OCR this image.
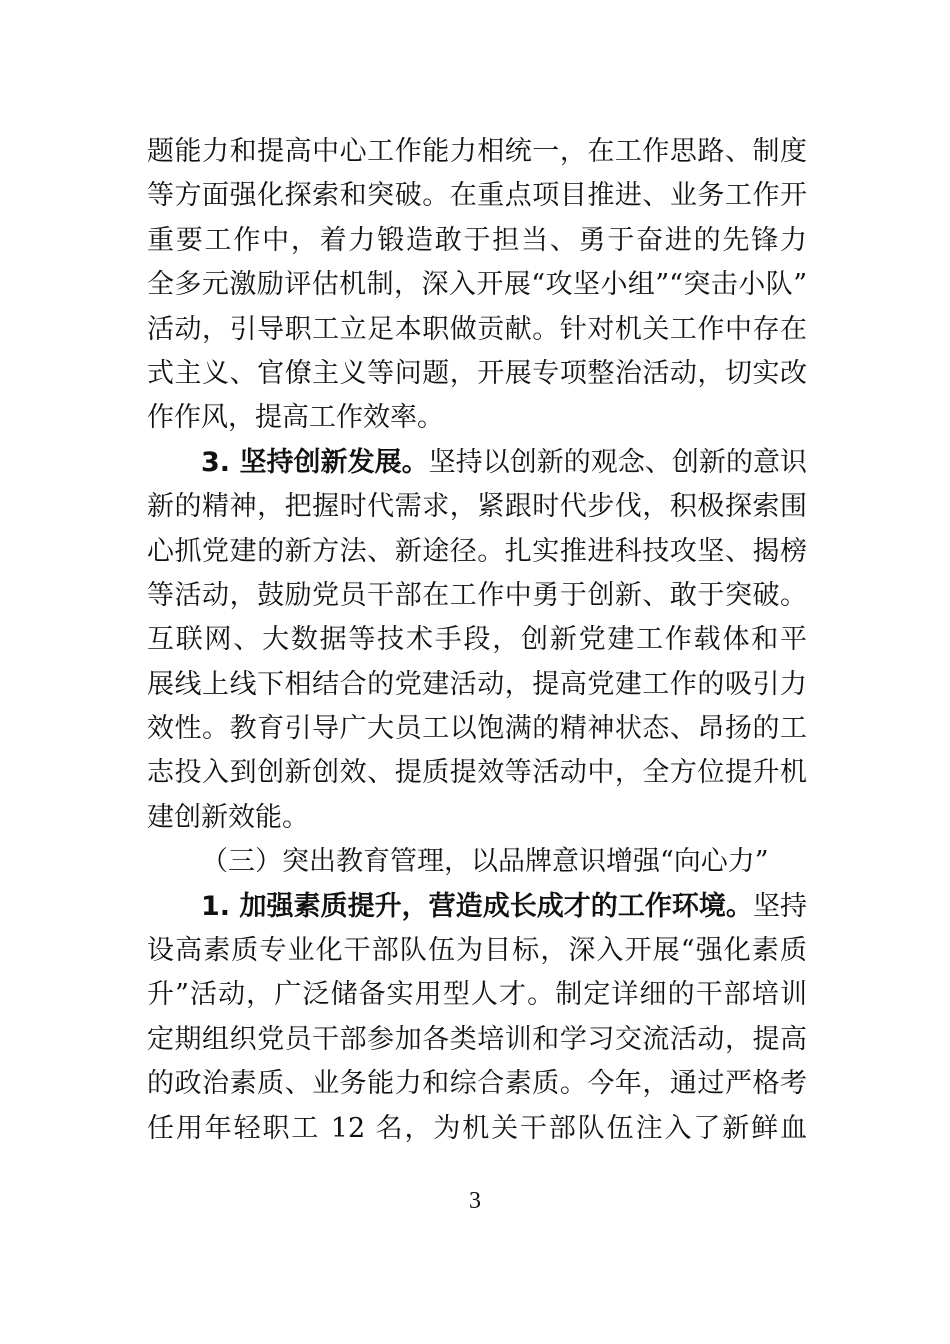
题能力和提高中心工作能力相统一，在工作思路、制度
等方面强化探索和突破。在重点项目推进、业务工作开
重要工作中，着力锻造敢于担当、勇于奋进的先锋力
全多元激励评估机制，深入开展“攻坚小组”“突击小队”
活动，引导职工立足本职做贡献。针对机关工作中存在
式主义、官僚主义等问题，开展专项整治活动，切实改
作作风，提高工作效率。
3. 坚持创新发展。坚持以创新的观念、创新的意识
新的精神，把握时代需求，紧跟时代步伐，积极探索围
心抓党建的新方法、新途径。扎实推进科技攻坚、揭榜
等活动，鼓励党员干部在工作中勇于创新、敢于突破。
互联网、大数据等技术手段，创新党建工作载体和平
展线上线下相结合的党建活动，提高党建工作的吸引力
效性。教育引导广大员工以饱满的精神状态、昂扬的工
志投入到创新创效、提质提效等活动中，全方位提升机
建创新效能。
（三）突出教育管理，以品牌意识增强“向心力”
1. 加强素质提升，营造成长成才的工作环境。坚持
设高素质专业化干部队伍为目标，深入开展“强化素质
升”活动，广泛储备实用型人才。制定详细的干部培训
定期组织党员干部参加各类培训和学习交流活动，提高
的政治素质、业务能力和综合素质。今年，通过严格考
任用年轻职工 12 名，为机关干部队伍注入了新鲜血
3
